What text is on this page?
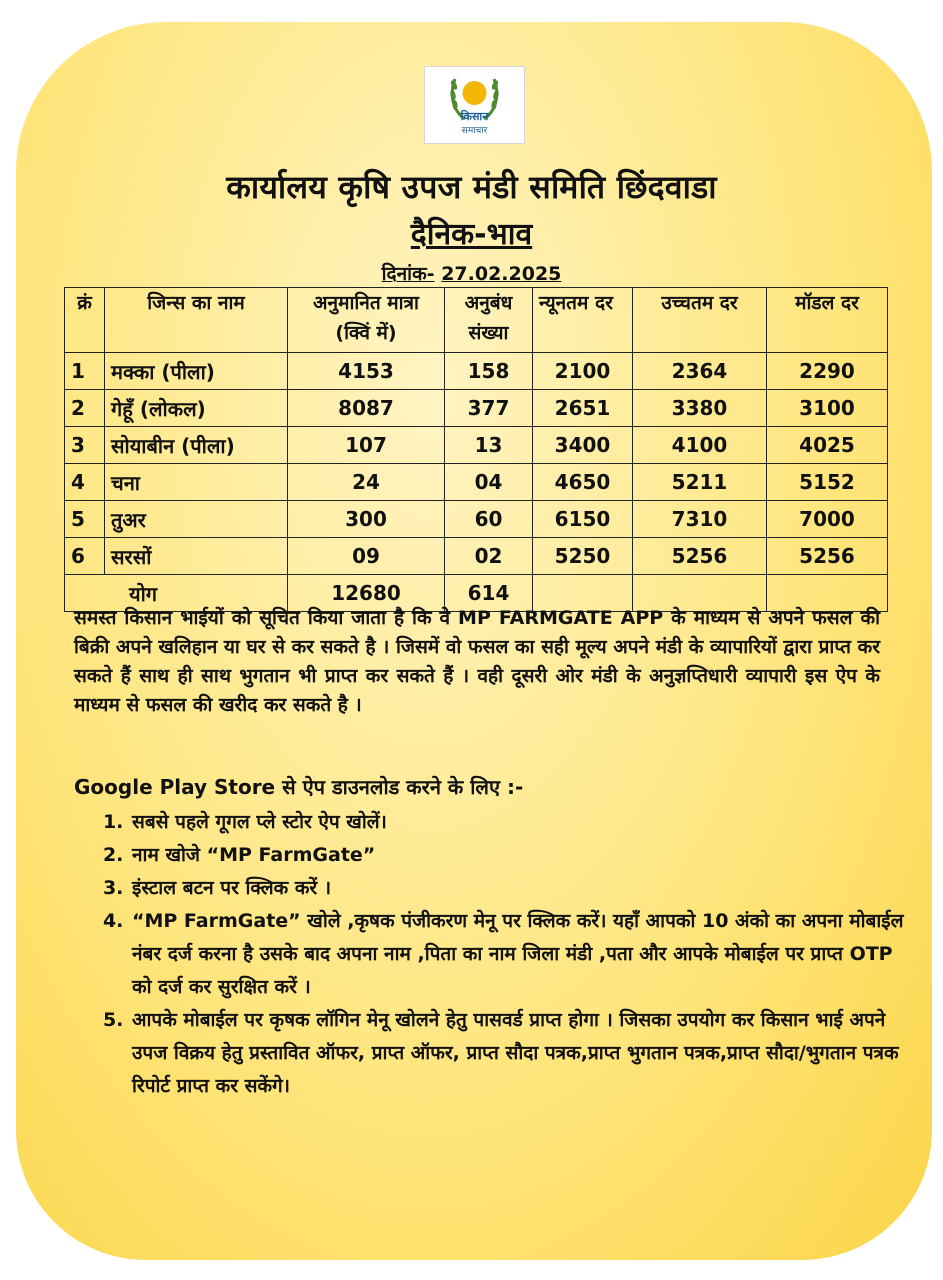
किसान
समाचार
कार्यालय कृषि उपज मंडी समिति छिंदवाडा
दैनिक-भाव
दिनांक- 27.02.2025
क्रं	जिन्स का नाम	अनुमानित मात्रा (क्विं में)	अनुबंध संख्या	न्यूनतम दर	उच्चतम दर	मॉडल दर
1	मक्का (पीला)	4153	158	2100	2364	2290
2	गेहूँ (लोकल)	8087	377	2651	3380	3100
3	सोयाबीन (पीला)	107	13	3400	4100	4025
4	चना	24	04	4650	5211	5152
5	तुअर	300	60	6150	7310	7000
6	सरसों	09	02	5250	5256	5256
योग		12680	614			
समस्त किसान भाईयों को सूचित किया जाता है कि वे MP FARMGATE APP के माध्यम से अपने फसल की बिक्री अपने खलिहान या घर से कर सकते है । जिसमें वो फसल का सही मूल्य अपने मंडी के व्यापारियों द्वारा प्राप्त कर सकते हैं साथ ही साथ भुगतान भी प्राप्त कर सकते हैं । वही दूसरी ओर मंडी के अनुज्ञप्तिधारी व्यापारी इस ऐप के माध्यम से फसल की खरीद कर सकते है ।
Google Play Store से ऐप डाउनलोड करने के लिए :-
1. सबसे पहले गूगल प्ले स्टोर ऐप खोलें।
2. नाम खोजे “MP FarmGate”
3. इंस्टाल बटन पर क्लिक करें ।
4. “MP FarmGate” खोले ,कृषक पंजीकरण मेनू पर क्लिक करें। यहाँ आपको 10 अंको का अपना मोबाईल नंबर दर्ज करना है उसके बाद अपना नाम ,पिता का नाम जिला मंडी ,पता और आपके मोबाईल पर प्राप्त OTP को दर्ज कर सुरक्षित करें ।
5. आपके मोबाईल पर कृषक लॉगिन मेनू खोलने हेतु पासवर्ड प्राप्त होगा । जिसका उपयोग कर किसान भाई अपने उपज विक्रय हेतु प्रस्तावित ऑफर, प्राप्त ऑफर, प्राप्त सौदा पत्रक,प्राप्त भुगतान पत्रक,प्राप्त सौदा/भुगतान पत्रक रिपोर्ट प्राप्त कर सकेंगे।
